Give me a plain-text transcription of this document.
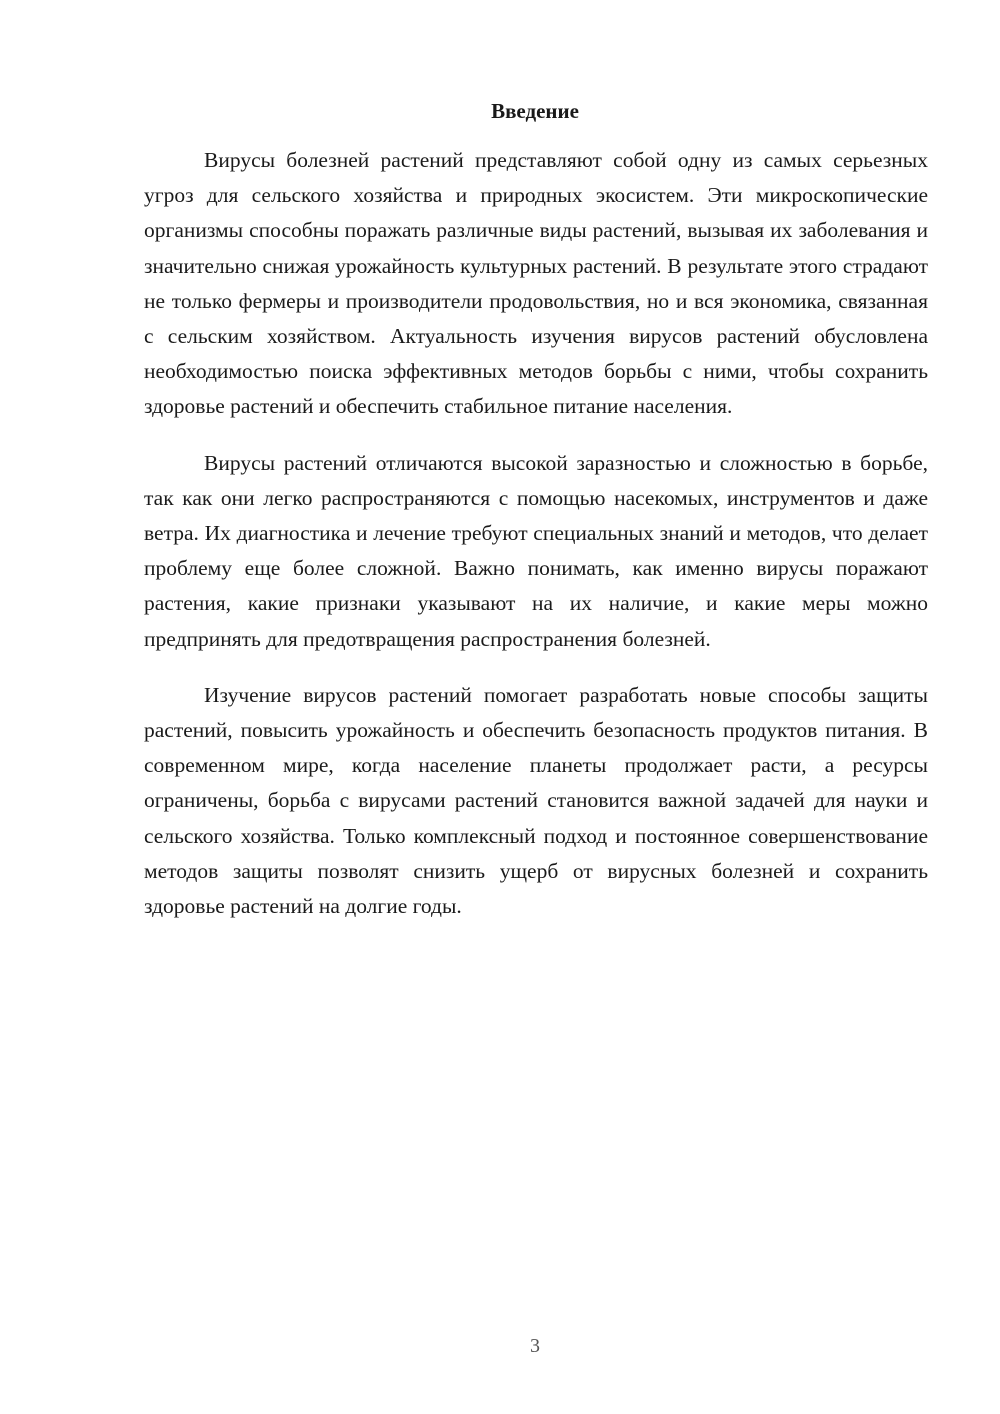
Введение

Вирусы болезней растений представляют собой одну из самых серьезных угроз для сельского хозяйства и природных экосистем. Эти микроскопические организмы способны поражать различные виды растений, вызывая их заболевания и значительно снижая урожайность культурных растений. В результате этого страдают не только фермеры и производители продовольствия, но и вся экономика, связанная с сельским хозяйством. Актуальность изучения вирусов растений обусловлена необходимостью поиска эффективных методов борьбы с ними, чтобы сохранить здоровье растений и обеспечить стабильное питание населения.

Вирусы растений отличаются высокой заразностью и сложностью в борьбе, так как они легко распространяются с помощью насекомых, инструментов и даже ветра. Их диагностика и лечение требуют специальных знаний и методов, что делает проблему еще более сложной. Важно понимать, как именно вирусы поражают растения, какие признаки указывают на их наличие, и какие меры можно предпринять для предотвращения распространения болезней.

Изучение вирусов растений помогает разработать новые способы защиты растений, повысить урожайность и обеспечить безопасность продуктов питания. В современном мире, когда население планеты продолжает расти, а ресурсы ограничены, борьба с вирусами растений становится важной задачей для науки и сельского хозяйства. Только комплексный подход и постоянное совершенствование методов защиты позволят снизить ущерб от вирусных болезней и сохранить здоровье растений на долгие годы.

3
